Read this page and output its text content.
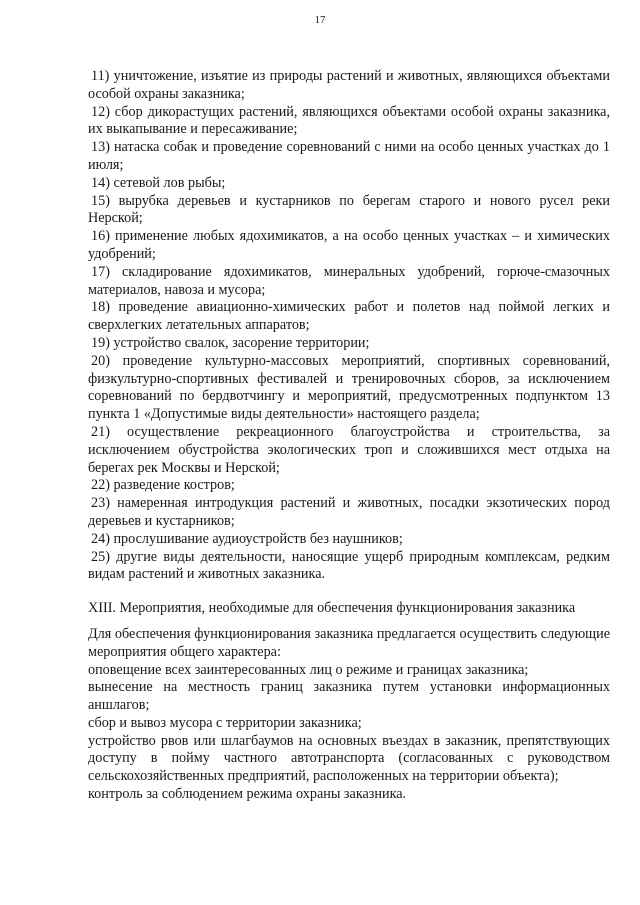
17

11) уничтожение, изъятие из природы растений и животных, являющихся объектами особой охраны заказника;

12) сбор дикорастущих растений, являющихся объектами особой охраны заказника, их выкапывание и пересаживание;

13) натаска собак и проведение соревнований с ними на особо ценных участках до 1 июля;

14) сетевой лов рыбы;

15) вырубка деревьев и кустарников по берегам старого и нового русел реки Нерской;

16) применение любых ядохимикатов, а на особо ценных участках – и химических удобрений;

17) складирование ядохимикатов, минеральных удобрений, горюче-смазочных материалов, навоза и мусора;

18) проведение авиационно-химических работ и полетов над поймой легких и сверхлегких летательных аппаратов;

19) устройство свалок, засорение территории;

20) проведение культурно-массовых мероприятий, спортивных соревнований, физкультурно-спортивных фестивалей и тренировочных сборов, за исключением соревнований по бердвотчингу и мероприятий, предусмотренных подпунктом 13 пункта 1 «Допустимые виды деятельности» настоящего раздела;

21) осуществление рекреационного благоустройства и строительства, за исключением обустройства экологических троп и сложившихся мест отдыха на берегах рек Москвы и Нерской;

22) разведение костров;

23) намеренная интродукция растений и животных, посадки экзотических пород деревьев и кустарников;

24) прослушивание аудиоустройств без наушников;

25) другие виды деятельности, наносящие ущерб природным комплексам, редким видам растений и животных заказника.

XIII. Мероприятия, необходимые для обеспечения функционирования заказника

Для обеспечения функционирования заказника предлагается осуществить следующие мероприятия общего характера:

оповещение всех заинтересованных лиц о режиме и границах заказника;

вынесение на местность границ заказника путем установки информационных аншлагов;

сбор и вывоз мусора с территории заказника;

устройство рвов или шлагбаумов на основных въездах в заказник, препятствующих доступу в пойму частного автотранспорта (согласованных с руководством сельскохозяйственных предприятий, расположенных на территории объекта);

контроль за соблюдением режима охраны заказника.
